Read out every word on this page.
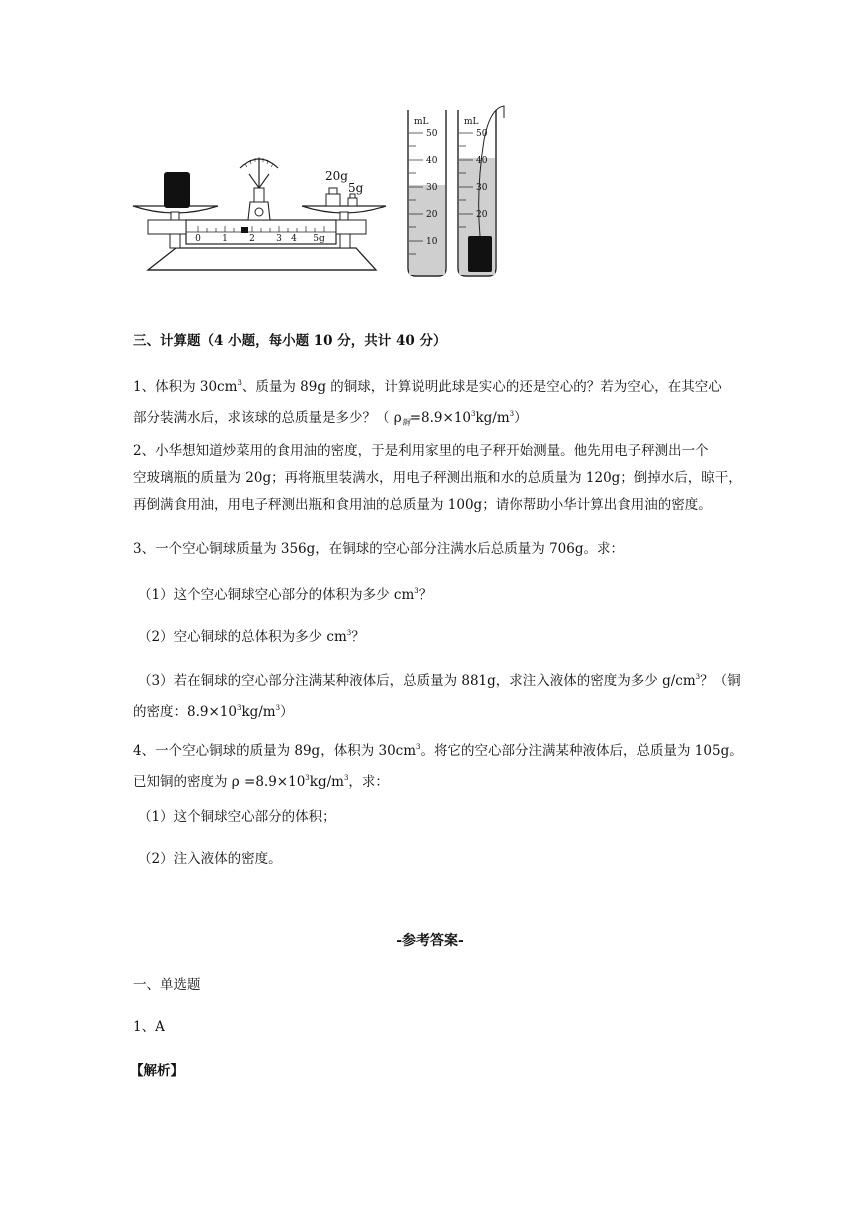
0 1 2 3 4 5g
20g
5g
mL
50
40
30
20
10
mL
50
40
30
20
三、计算题（4 小题，每小题 10 分，共计 40 分）
1、体积为 $30cm^3$、质量为 89g 的铜球，计算说明此球是实心的还是空心的？若为空心，在其空心
部分装满水后，求该球的总质量是多少？（ $\rho_铜=8.9\times 10^3kg/m^3$）
2、小华想知道炒菜用的食用油的密度，于是利用家里的电子秤开始测量。他先用电子秤测出一个
空玻璃瓶的质量为 20g；再将瓶里装满水，用电子秤测出瓶和水的总质量为 120g；倒掉水后，晾干，
再倒满食用油，用电子秤测出瓶和食用油的总质量为 100g；请你帮助小华计算出食用油的密度。
3、一个空心铜球质量为 356g，在铜球的空心部分注满水后总质量为 706g。求：
（1）这个空心铜球空心部分的体积为多少 $cm^3$？
（2）空心铜球的总体积为多少 $cm^3$？
（3）若在铜球的空心部分注满某种液体后，总质量为 881g，求注入液体的密度为多少 $g/cm^3$？（铜
的密度：$8.9\times 10^3kg/m^3$）
4、一个空心铜球的质量为 89g，体积为 $30cm^3$。将它的空心部分注满某种液体后，总质量为 105g。
已知铜的密度为 $\rho =8.9\times 10^3kg/m^3$，求：
（1）这个铜球空心部分的体积；
（2）注入液体的密度。
-参考答案-
一、单选题
1、A
【解析】
